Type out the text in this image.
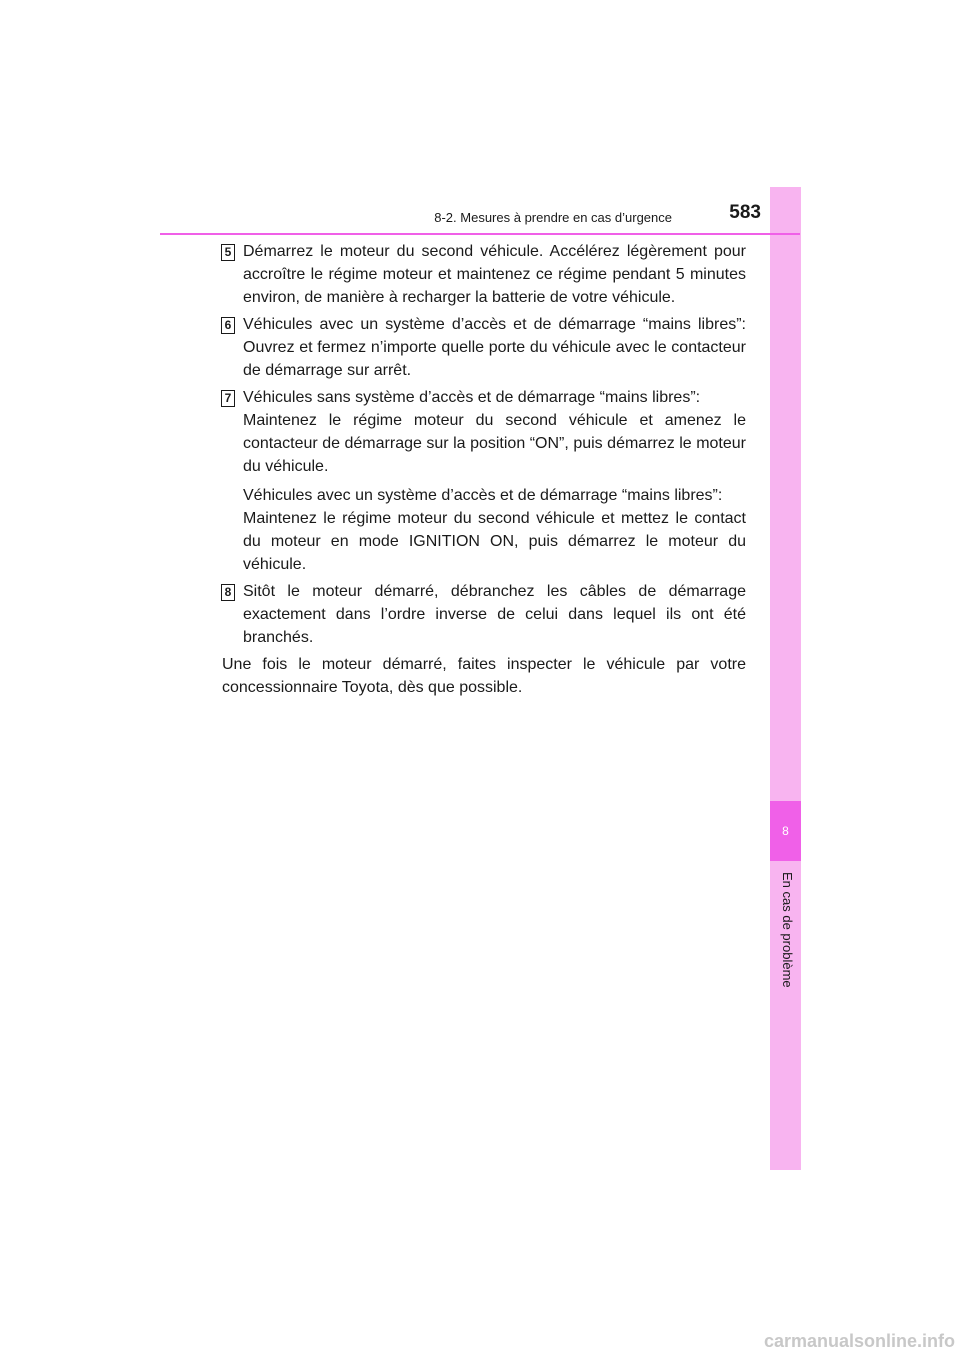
8
En cas de problème
8-2. Mesures à prendre en cas d’urgence	583
5 Démarrez le moteur du second véhicule. Accélérez légèrement pour accroître le régime moteur et maintenez ce régime pendant 5 minutes environ, de manière à recharger la batterie de votre véhicule.

6 Véhicules avec un système d’accès et de démarrage “mains libres”: Ouvrez et fermez n’importe quelle porte du véhicule avec le contacteur de démarrage sur arrêt.

7 Véhicules sans système d’accès et de démarrage “mains libres”:

Maintenez le régime moteur du second véhicule et amenez le contacteur de démarrage sur la position “ON”, puis démarrez le moteur du véhicule.

Véhicules avec un système d’accès et de démarrage “mains libres”:

Maintenez le régime moteur du second véhicule et mettez le contact du moteur en mode IGNITION ON, puis démarrez le moteur du véhicule.

8 Sitôt le moteur démarré, débranchez les câbles de démarrage exactement dans l’ordre inverse de celui dans lequel ils ont été branchés.

Une fois le moteur démarré, faites inspecter le véhicule par votre concessionnaire Toyota, dès que possible.

carmanualsonline.info
